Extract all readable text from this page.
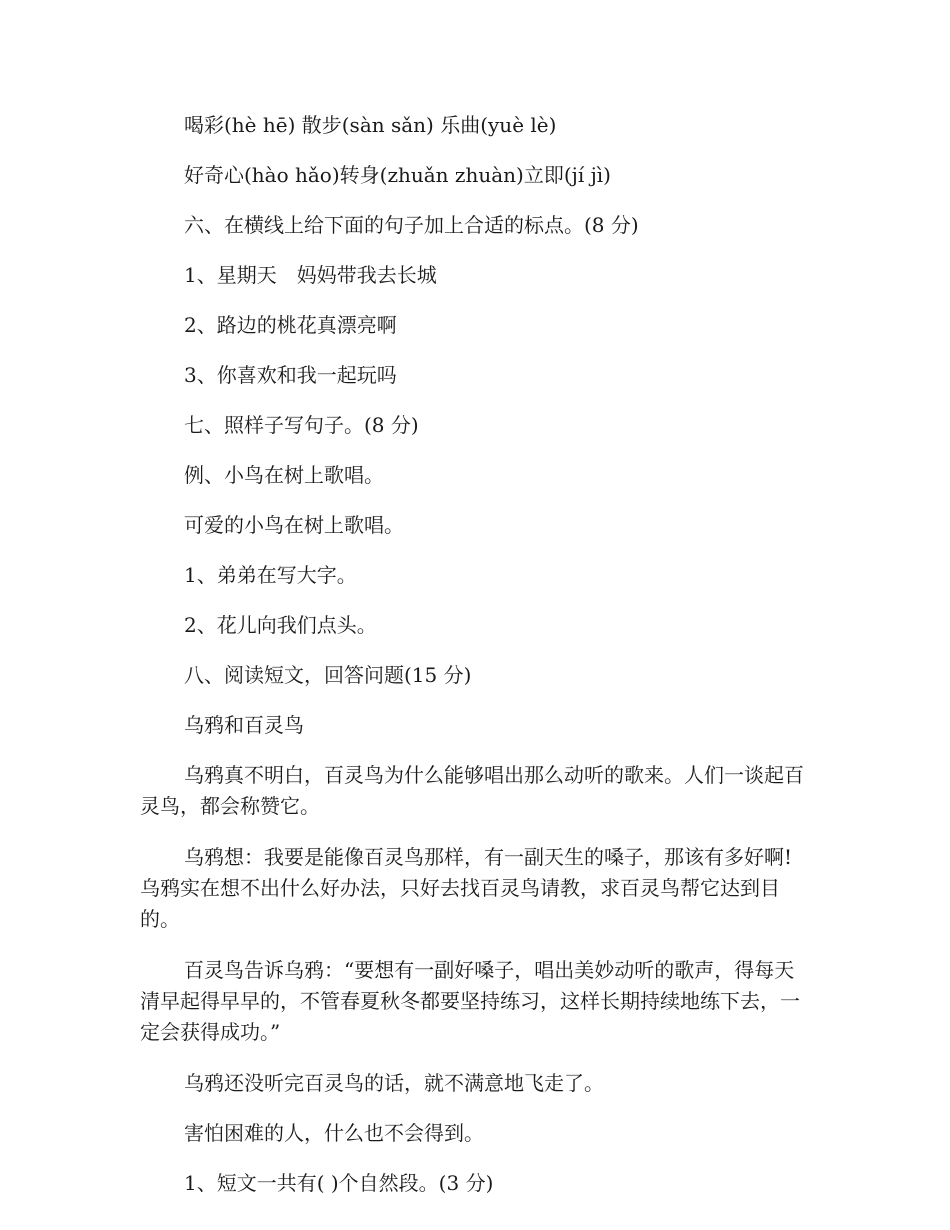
喝彩(hè hē) 散步(sàn sǎn) 乐曲(yuè lè)
好奇心(hào hǎo)转身(zhuǎn zhuàn)立即(jí jì)
六、在横线上给下面的句子加上合适的标点。(8 分)
1、星期天　妈妈带我去长城
2、路边的桃花真漂亮啊
3、你喜欢和我一起玩吗
七、照样子写句子。(8 分)
例、小鸟在树上歌唱。
可爱的小鸟在树上歌唱。
1、弟弟在写大字。
2、花儿向我们点头。
八、阅读短文，回答问题(15 分)
乌鸦和百灵鸟
乌鸦真不明白，百灵鸟为什么能够唱出那么动听的歌来。人们一谈起百灵鸟，都会称赞它。
乌鸦想：我要是能像百灵鸟那样，有一副天生的嗓子，那该有多好啊!乌鸦实在想不出什么好办法，只好去找百灵鸟请教，求百灵鸟帮它达到目的。
百灵鸟告诉乌鸦：“要想有一副好嗓子，唱出美妙动听的歌声，得每天清早起得早早的，不管春夏秋冬都要坚持练习，这样长期持续地练下去，一定会获得成功。”
乌鸦还没听完百灵鸟的话，就不满意地飞走了。
害怕困难的人，什么也不会得到。
1、短文一共有( )个自然段。(3 分)
